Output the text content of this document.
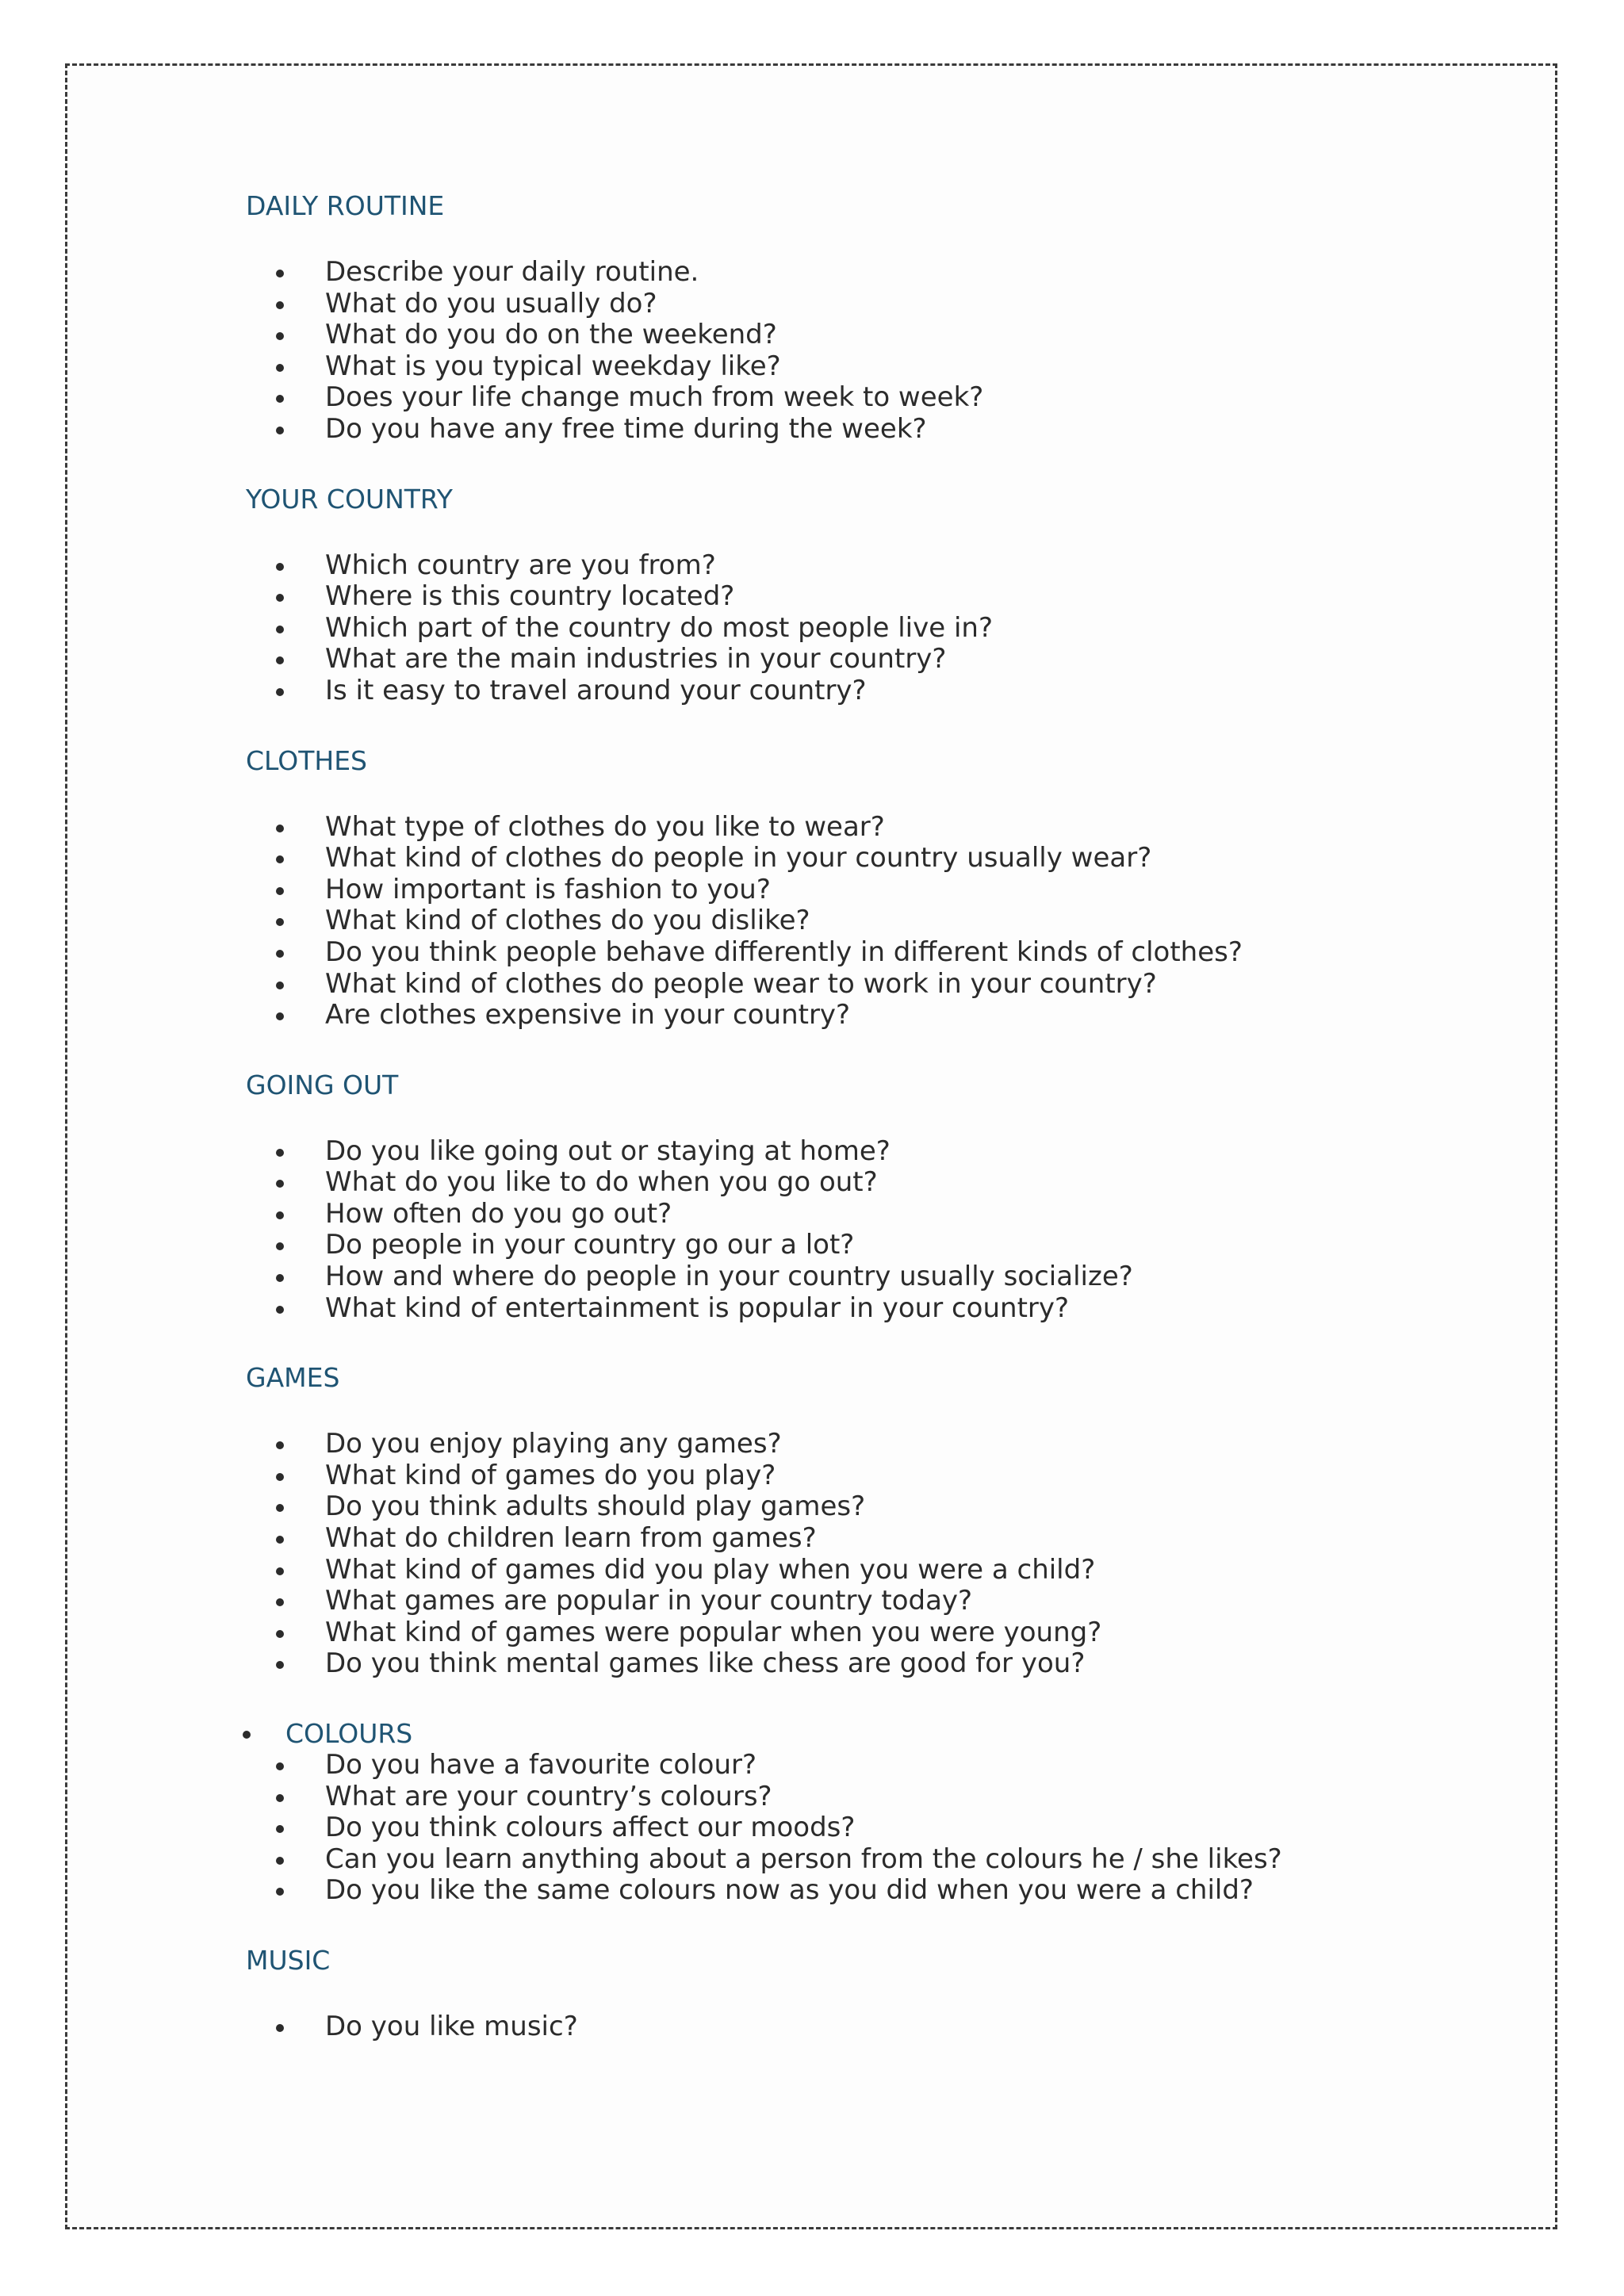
DAILY ROUTINE
Describe your daily routine.
What do you usually do?
What do you do on the weekend?
What is you typical weekday like?
Does your life change much from week to week?
Do you have any free time during the week?
YOUR COUNTRY
Which country are you from?
Where is this country located?
Which part of the country do most people live in?
What are the main industries in your country?
Is it easy to travel around your country?
CLOTHES
What type of clothes do you like to wear?
What kind of clothes do people in your country usually wear?
How important is fashion to you?
What kind of clothes do you dislike?
Do you think people behave differently in different kinds of clothes?
What kind of clothes do people wear to work in your country?
Are clothes expensive in your country?
GOING OUT
Do you like going out or staying at home?
What do you like to do when you go out?
How often do you go out?
Do people in your country go our a lot?
How and where do people in your country usually socialize?
What kind of entertainment is popular in your country?
GAMES
Do you enjoy playing any games?
What kind of games do you play?
Do you think adults should play games?
What do children learn from games?
What kind of games did you play when you were a child?
What games are popular in your country today?
What kind of games were popular when you were young?
Do you think mental games like chess are good for you?
COLOURS
Do you have a favourite colour?
What are your country’s colours?
Do you think colours affect our moods?
Can you learn anything about a person from the colours he / she likes?
Do you like the same colours now as you did when you were a child?
MUSIC
Do you like music?
